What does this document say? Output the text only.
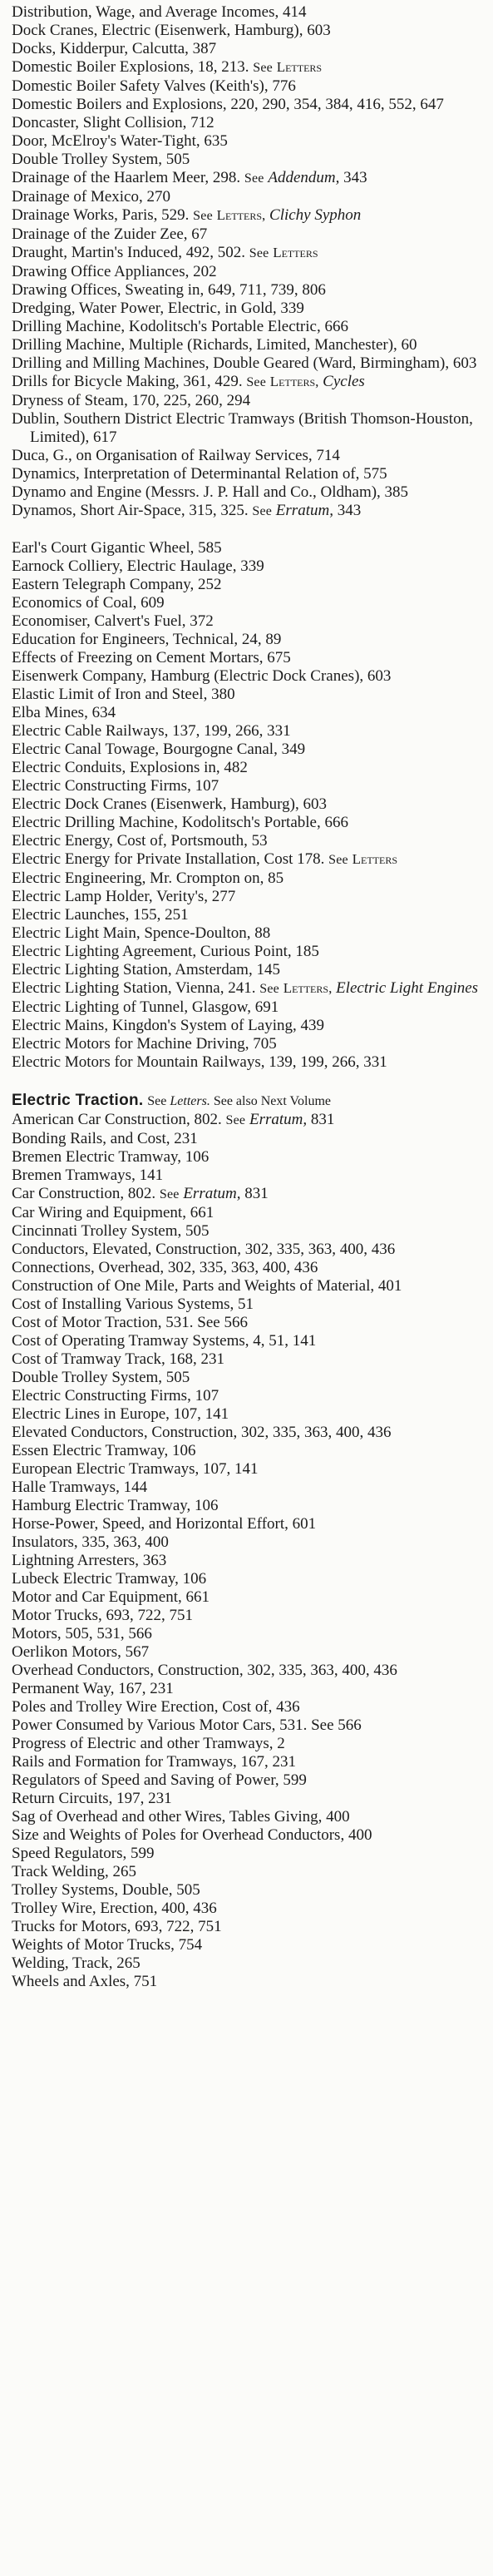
Distribution, Wage, and Average Incomes, 414

Dock Cranes, Electric (Eisenwerk, Hamburg), 603

Docks, Kidderpur, Calcutta, 387

Domestic Boiler Explosions, 18, 213. See Letters

Domestic Boiler Safety Valves (Keith's), 776

Domestic Boilers and Explosions, 220, 290, 354, 384, 416, 552, 647

Doncaster, Slight Collision, 712

Door, McElroy's Water-Tight, 635

Double Trolley System, 505

Drainage of the Haarlem Meer, 298. See Addendum, 343

Drainage of Mexico, 270

Drainage Works, Paris, 529. See Letters, Clichy Syphon

Drainage of the Zuider Zee, 67

Draught, Martin's Induced, 492, 502. See Letters

Drawing Office Appliances, 202

Drawing Offices, Sweating in, 649, 711, 739, 806

Dredging, Water Power, Electric, in Gold, 339

Drilling Machine, Kodolitsch's Portable Electric, 666

Drilling Machine, Multiple (Richards, Limited, Manchester), 60

Drilling and Milling Machines, Double Geared (Ward, Birmingham), 603

Drills for Bicycle Making, 361, 429. See Letters, Cycles

Dryness of Steam, 170, 225, 260, 294

Dublin, Southern District Electric Tramways (British Thomson-Houston, Limited), 617

Duca, G., on Organisation of Railway Services, 714

Dynamics, Interpretation of Determinantal Relation of, 575

Dynamo and Engine (Messrs. J. P. Hall and Co., Oldham), 385

Dynamos, Short Air-Space, 315, 325. See Erratum, 343

Earl's Court Gigantic Wheel, 585

Earnock Colliery, Electric Haulage, 339

Eastern Telegraph Company, 252

Economics of Coal, 609

Economiser, Calvert's Fuel, 372

Education for Engineers, Technical, 24, 89

Effects of Freezing on Cement Mortars, 675

Eisenwerk Company, Hamburg (Electric Dock Cranes), 603

Elastic Limit of Iron and Steel, 380

Elba Mines, 634

Electric Cable Railways, 137, 199, 266, 331

Electric Canal Towage, Bourgogne Canal, 349

Electric Conduits, Explosions in, 482

Electric Constructing Firms, 107

Electric Dock Cranes (Eisenwerk, Hamburg), 603

Electric Drilling Machine, Kodolitsch's Portable, 666

Electric Energy, Cost of, Portsmouth, 53

Electric Energy for Private Installation, Cost 178. See Letters

Electric Engineering, Mr. Crompton on, 85

Electric Lamp Holder, Verity's, 277

Electric Launches, 155, 251

Electric Light Main, Spence-Doulton, 88

Electric Lighting Agreement, Curious Point, 185

Electric Lighting Station, Amsterdam, 145

Electric Lighting Station, Vienna, 241. See Letters, Electric Light Engines

Electric Lighting of Tunnel, Glasgow, 691

Electric Mains, Kingdon's System of Laying, 439

Electric Motors for Machine Driving, 705

Electric Motors for Mountain Railways, 139, 199, 266, 331

Electric Traction. See Letters. See also Next Volume

American Car Construction, 802. See Erratum, 831

Bonding Rails, and Cost, 231

Bremen Electric Tramway, 106

Bremen Tramways, 141

Car Construction, 802. See Erratum, 831

Car Wiring and Equipment, 661

Cincinnati Trolley System, 505

Conductors, Elevated, Construction, 302, 335, 363, 400, 436

Connections, Overhead, 302, 335, 363, 400, 436

Construction of One Mile, Parts and Weights of Material, 401

Cost of Installing Various Systems, 51

Cost of Motor Traction, 531. See 566

Cost of Operating Tramway Systems, 4, 51, 141

Cost of Tramway Track, 168, 231

Double Trolley System, 505

Electric Constructing Firms, 107

Electric Lines in Europe, 107, 141

Elevated Conductors, Construction, 302, 335, 363, 400, 436

Essen Electric Tramway, 106

European Electric Tramways, 107, 141

Halle Tramways, 144

Hamburg Electric Tramway, 106

Horse-Power, Speed, and Horizontal Effort, 601

Insulators, 335, 363, 400

Lightning Arresters, 363

Lubeck Electric Tramway, 106

Motor and Car Equipment, 661

Motor Trucks, 693, 722, 751

Motors, 505, 531, 566

Oerlikon Motors, 567

Overhead Conductors, Construction, 302, 335, 363, 400, 436

Permanent Way, 167, 231

Poles and Trolley Wire Erection, Cost of, 436

Power Consumed by Various Motor Cars, 531. See 566

Progress of Electric and other Tramways, 2

Rails and Formation for Tramways, 167, 231

Regulators of Speed and Saving of Power, 599

Return Circuits, 197, 231

Sag of Overhead and other Wires, Tables Giving, 400

Size and Weights of Poles for Overhead Conductors, 400

Speed Regulators, 599

Track Welding, 265

Trolley Systems, Double, 505

Trolley Wire, Erection, 400, 436

Trucks for Motors, 693, 722, 751

Weights of Motor Trucks, 754

Welding, Track, 265

Wheels and Axles, 751
